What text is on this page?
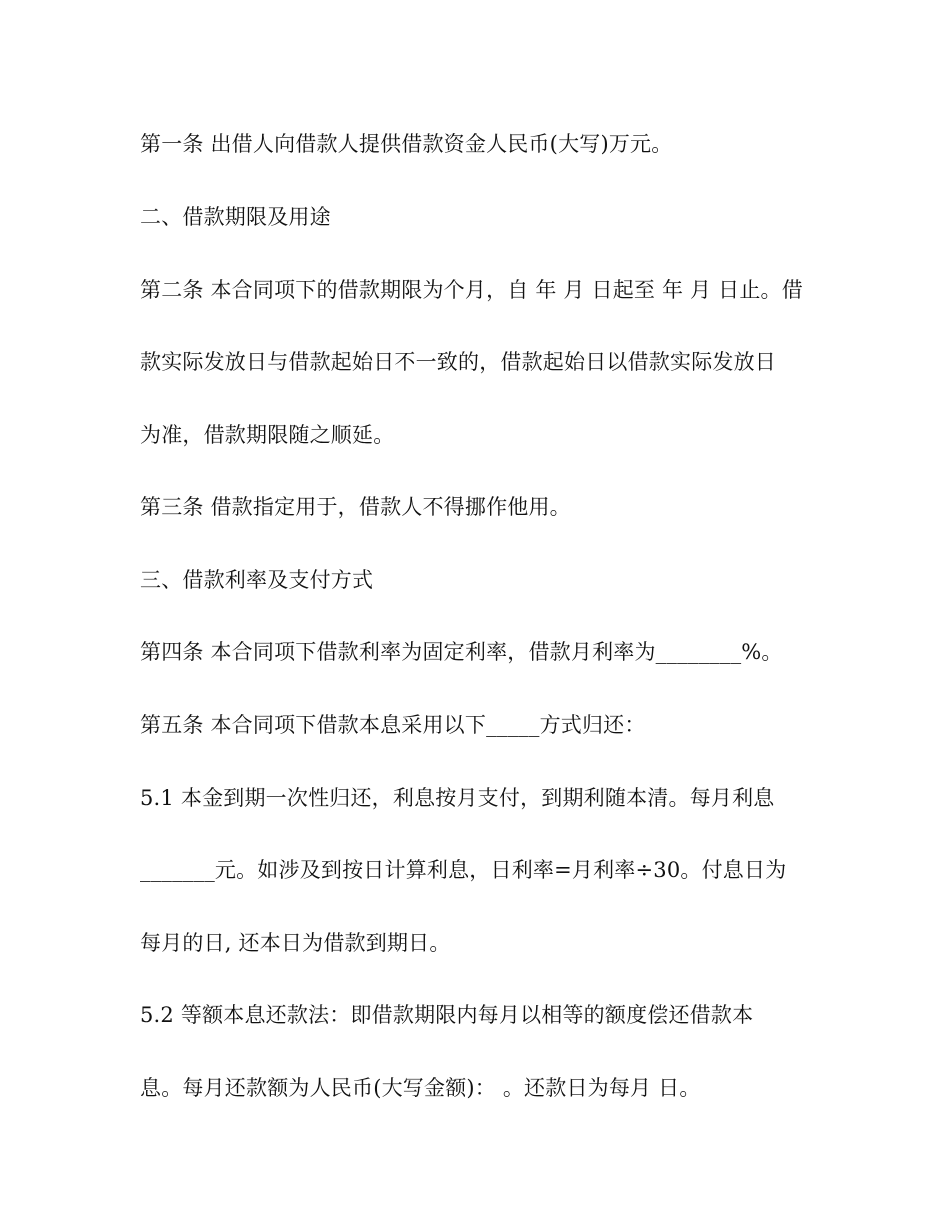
第一条 出借人向借款人提供借款资金人民币(大写)万元。
二、借款期限及用途
第二条 本合同项下的借款期限为个月，自 年 月 日起至 年 月 日止。借
款实际发放日与借款起始日不一致的，借款起始日以借款实际发放日
为准，借款期限随之顺延。
第三条 借款指定用于，借款人不得挪作他用。
三、借款利率及支付方式
第四条 本合同项下借款利率为固定利率，借款月利率为________%。
第五条 本合同项下借款本息采用以下_____方式归还：
5.1 本金到期一次性归还，利息按月支付，到期利随本清。每月利息
_______元。如涉及到按日计算利息，日利率=月利率÷30。付息日为
每月的日, 还本日为借款到期日。
5.2 等额本息还款法：即借款期限内每月以相等的额度偿还借款本
息。每月还款额为人民币(大写金额)： 。还款日为每月 日。
